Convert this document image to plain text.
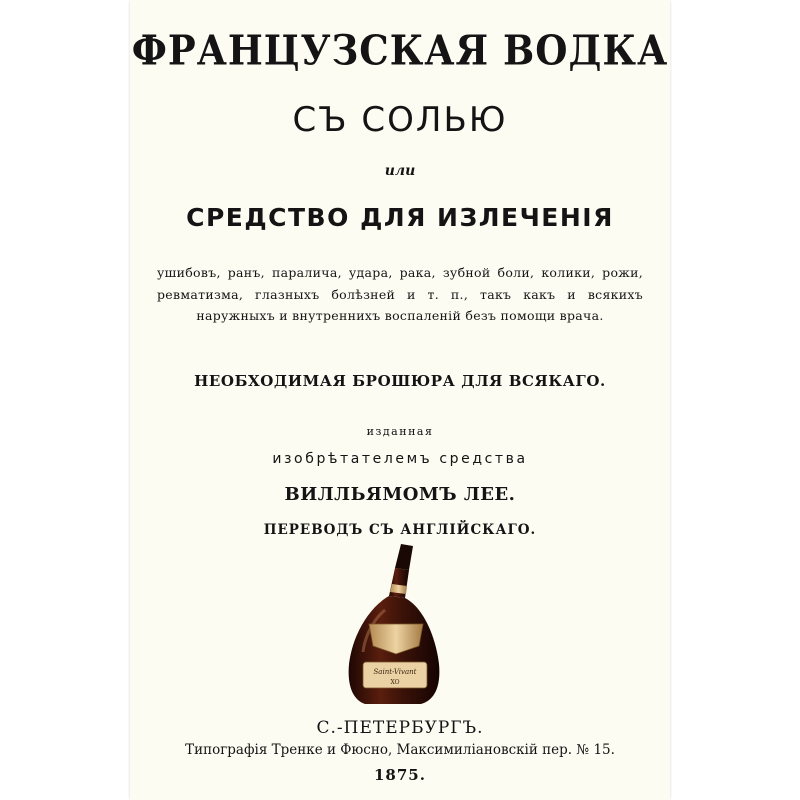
ФРАНЦУЗСКАЯ ВОДКА
СЪ СОЛЬЮ
или
СРЕДСТВО ДЛЯ ИЗЛЕЧЕНІЯ
ушибовъ, ранъ, паралича, удара, рака, зубной боли, колики, рожи, ревматизма, глазныхъ болѣзней и т. п., такъ какъ и всякихъ наружныхъ и внутреннихъ воспаленій безъ помощи врача.
НЕОБХОДИМАЯ БРОШЮРА ДЛЯ ВСЯКАГО.
изданная
изобрѣтателемъ средства
ВИЛЛЬЯМОМЪ ЛЕЕ.
ПЕРЕВОДЪ СЪ АНГЛІЙСКАГО.
Saint-Vivant
XO
С.-ПЕТЕРБУРГЪ.
Типографія Тренке и Фюсно, Максимиліановскій пер. № 15.
1875.
